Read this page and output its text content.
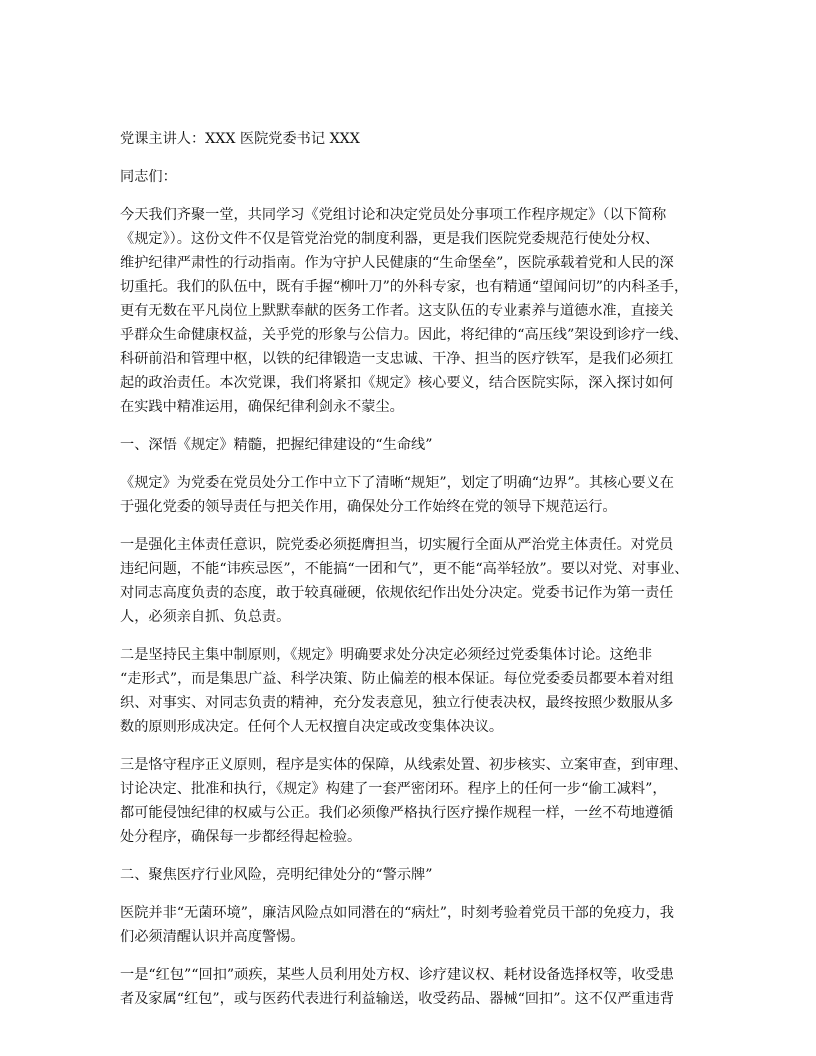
党课主讲人：XXX 医院党委书记 XXX

同志们：

今天我们齐聚一堂，共同学习《党组讨论和决定党员处分事项工作程序规定》（以下简称
《规定》）。这份文件不仅是管党治党的制度利器，更是我们医院党委规范行使处分权、
维护纪律严肃性的行动指南。作为守护人民健康的“生命堡垒”，医院承载着党和人民的深
切重托。我们的队伍中，既有手握“柳叶刀”的外科专家，也有精通“望闻问切”的内科圣手，
更有无数在平凡岗位上默默奉献的医务工作者。这支队伍的专业素养与道德水准，直接关
乎群众生命健康权益，关乎党的形象与公信力。因此，将纪律的“高压线”架设到诊疗一线、
科研前沿和管理中枢，以铁的纪律锻造一支忠诚、干净、担当的医疗铁军，是我们必须扛
起的政治责任。本次党课，我们将紧扣《规定》核心要义，结合医院实际，深入探讨如何
在实践中精准运用，确保纪律利剑永不蒙尘。

一、深悟《规定》精髓，把握纪律建设的“生命线”

《规定》为党委在党员处分工作中立下了清晰“规矩”，划定了明确“边界”。其核心要义在
于强化党委的领导责任与把关作用，确保处分工作始终在党的领导下规范运行。

一是强化主体责任意识，院党委必须挺膺担当，切实履行全面从严治党主体责任。对党员
违纪问题，不能“讳疾忌医”，不能搞“一团和气”，更不能“高举轻放”。要以对党、对事业、
对同志高度负责的态度，敢于较真碰硬，依规依纪作出处分决定。党委书记作为第一责任
人，必须亲自抓、负总责。

二是坚持民主集中制原则，《规定》明确要求处分决定必须经过党委集体讨论。这绝非
“走形式”，而是集思广益、科学决策、防止偏差的根本保证。每位党委委员都要本着对组
织、对事实、对同志负责的精神，充分发表意见，独立行使表决权，最终按照少数服从多
数的原则形成决定。任何个人无权擅自决定或改变集体决议。

三是恪守程序正义原则，程序是实体的保障，从线索处置、初步核实、立案审查，到审理、
讨论决定、批准和执行，《规定》构建了一套严密闭环。程序上的任何一步“偷工减料”，
都可能侵蚀纪律的权威与公正。我们必须像严格执行医疗操作规程一样，一丝不苟地遵循
处分程序，确保每一步都经得起检验。

二、聚焦医疗行业风险，亮明纪律处分的“警示牌”

医院并非“无菌环境”，廉洁风险点如同潜在的“病灶”，时刻考验着党员干部的免疫力，我
们必须清醒认识并高度警惕。

一是“红包”“回扣”顽疾，某些人员利用处方权、诊疗建议权、耗材设备选择权等，收受患
者及家属“红包”，或与医药代表进行利益输送，收受药品、器械“回扣”。这不仅严重违背
